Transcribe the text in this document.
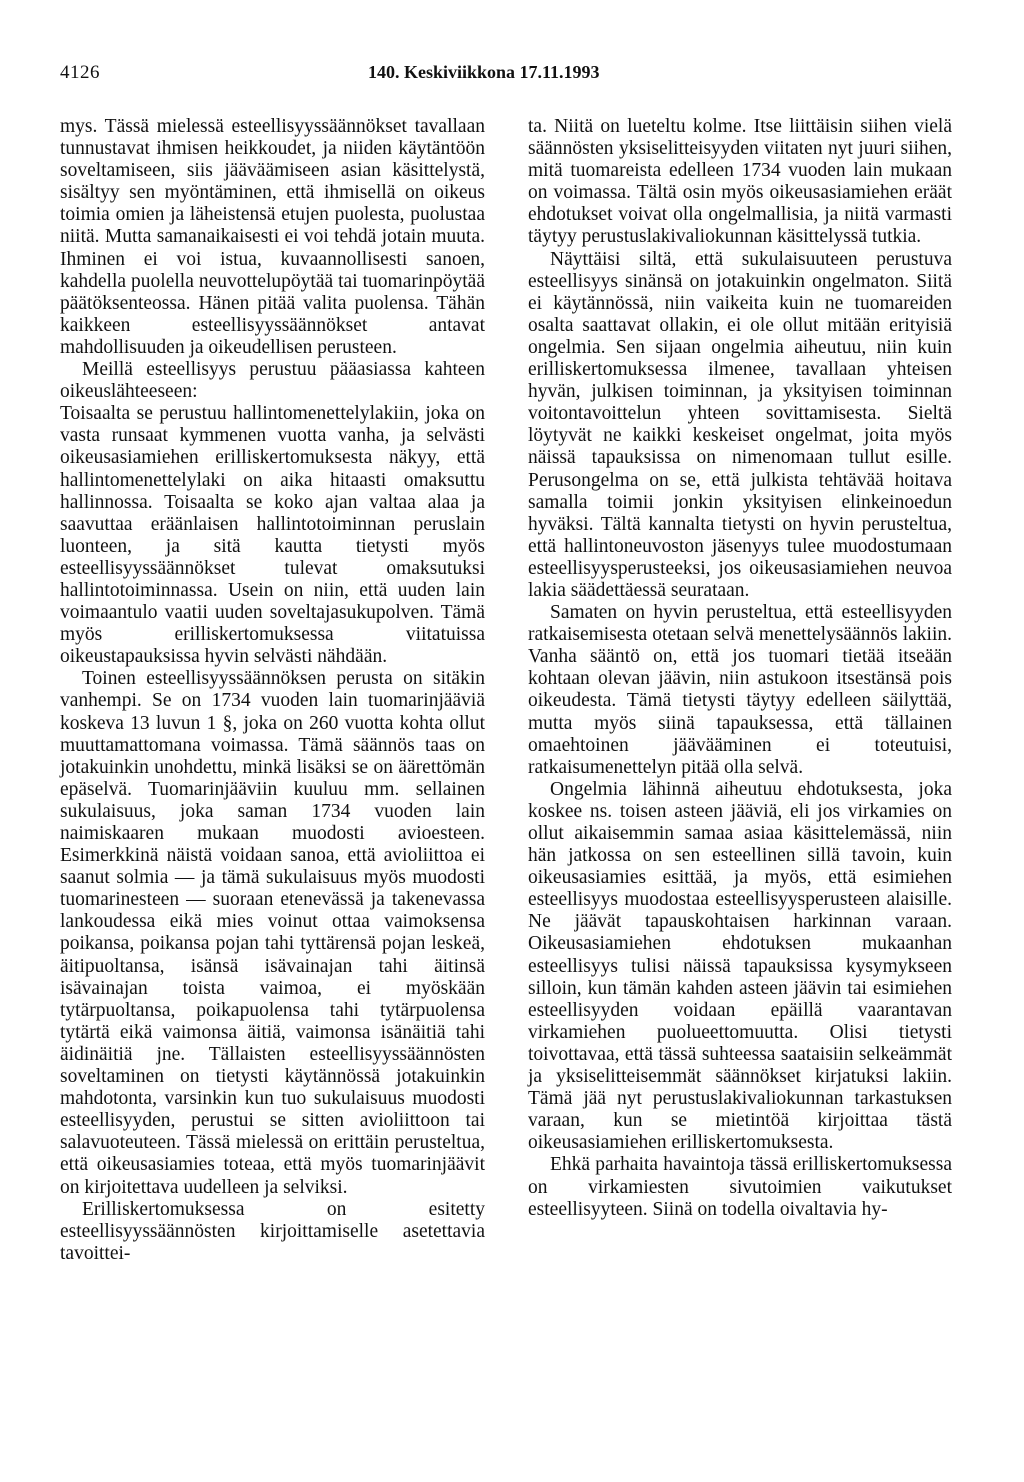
4126	140. Keskiviikkona 17.11.1993

mys. Tässä mielessä esteellisyyssäännökset tavallaan tunnustavat ihmisen heikkoudet, ja niiden käytäntöön soveltamiseen, siis jääväämiseen asian käsittelystä, sisältyy sen myöntäminen, että ihmisellä on oikeus toimia omien ja läheistensä etujen puolesta, puolustaa niitä. Mutta samanaikaisesti ei voi tehdä jotain muuta. Ihminen ei voi istua, kuvaannollisesti sanoen, kahdella puolella neuvottelupöytää tai tuomarinpöytää päätöksenteossa. Hänen pitää valita puolensa. Tähän kaikkeen esteellisyyssäännökset antavat mahdollisuuden ja oikeudellisen perusteen.

Meillä esteellisyys perustuu pääasiassa kahteen oikeuslähteeseen:

Toisaalta se perustuu hallintomenettelylakiin, joka on vasta runsaat kymmenen vuotta vanha, ja selvästi oikeusasiamiehen erilliskertomuksesta näkyy, että hallintomenettelylaki on aika hitaasti omaksuttu hallinnossa. Toisaalta se koko ajan valtaa alaa ja saavuttaa eräänlaisen hallintotoiminnan peruslain luonteen, ja sitä kautta tietysti myös esteellisyyssäännökset tulevat omaksutuksi hallintotoiminnassa. Usein on niin, että uuden lain voimaantulo vaatii uuden soveltajasukupolven. Tämä myös erilliskertomuksessa viitatuissa oikeustapauksissa hyvin selvästi nähdään.

Toinen esteellisyyssäännöksen perusta on sitäkin vanhempi. Se on 1734 vuoden lain tuomarinjääviä koskeva 13 luvun 1 §, joka on 260 vuotta kohta ollut muuttamattomana voimassa. Tämä säännös taas on jotakuinkin unohdettu, minkä lisäksi se on äärettömän epäselvä. Tuomarinjääviin kuuluu mm. sellainen sukulaisuus, joka saman 1734 vuoden lain naimiskaaren mukaan muodosti avioesteen. Esimerkkinä näistä voidaan sanoa, että avioliittoa ei saanut solmia — ja tämä sukulaisuus myös muodosti tuomarinesteen — suoraan etenevässä ja takenevassa lankoudessa eikä mies voinut ottaa vaimoksensa poikansa, poikansa pojan tahi tyttärensä pojan leskeä, äitipuoltansa, isänsä isävainajan tahi äitinsä isävainajan toista vaimoa, ei myöskään tytärpuoltansa, poikapuolensa tahi tytärpuolensa tytärtä eikä vaimonsa äitiä, vaimonsa isänäitiä tahi äidinäitiä jne. Tällaisten esteellisyyssäännösten soveltaminen on tietysti käytännössä jotakuinkin mahdotonta, varsinkin kun tuo sukulaisuus muodosti esteellisyyden, perustui se sitten avioliittoon tai salavuoteuteen. Tässä mielessä on erittäin perusteltua, että oikeusasiamies toteaa, että myös tuomarinjäävit on kirjoitettava uudelleen ja selviksi.

Erilliskertomuksessa on esitetty esteellisyyssäännösten kirjoittamiselle asetettavia tavoittei-

ta. Niitä on lueteltu kolme. Itse liittäisin siihen vielä säännösten yksiselitteisyyden viitaten nyt juuri siihen, mitä tuomareista edelleen 1734 vuoden lain mukaan on voimassa. Tältä osin myös oikeusasiamiehen eräät ehdotukset voivat olla ongelmallisia, ja niitä varmasti täytyy perustuslakivaliokunnan käsittelyssä tutkia.

Näyttäisi siltä, että sukulaisuuteen perustuva esteellisyys sinänsä on jotakuinkin ongelmaton. Siitä ei käytännössä, niin vaikeita kuin ne tuomareiden osalta saattavat ollakin, ei ole ollut mitään erityisiä ongelmia. Sen sijaan ongelmia aiheutuu, niin kuin erilliskertomuksessa ilmenee, tavallaan yhteisen hyvän, julkisen toiminnan, ja yksityisen toiminnan voitontavoittelun yhteen sovittamisesta. Sieltä löytyvät ne kaikki keskeiset ongelmat, joita myös näissä tapauksissa on nimenomaan tullut esille. Perusongelma on se, että julkista tehtävää hoitava samalla toimii jonkin yksityisen elinkeinoedun hyväksi. Tältä kannalta tietysti on hyvin perusteltua, että hallintoneuvoston jäsenyys tulee muodostumaan esteellisyysperusteeksi, jos oikeusasiamiehen neuvoa lakia säädettäessä seurataan.

Samaten on hyvin perusteltua, että esteellisyyden ratkaisemisesta otetaan selvä menettelysäännös lakiin. Vanha sääntö on, että jos tuomari tietää itseään kohtaan olevan jäävin, niin astukoon itsestänsä pois oikeudesta. Tämä tietysti täytyy edelleen säilyttää, mutta myös siinä tapauksessa, että tällainen omaehtoinen jäävääminen ei toteutuisi, ratkaisumenettelyn pitää olla selvä.

Ongelmia lähinnä aiheutuu ehdotuksesta, joka koskee ns. toisen asteen jääviä, eli jos virkamies on ollut aikaisemmin samaa asiaa käsittelemässä, niin hän jatkossa on sen esteellinen sillä tavoin, kuin oikeusasiamies esittää, ja myös, että esimiehen esteellisyys muodostaa esteellisyysperusteen alaisille. Ne jäävät tapauskohtaisen harkinnan varaan. Oikeusasiamiehen ehdotuksen mukaanhan esteellisyys tulisi näissä tapauksissa kysymykseen silloin, kun tämän kahden asteen jäävin tai esimiehen esteellisyyden voidaan epäillä vaarantavan virkamiehen puolueettomuutta. Olisi tietysti toivottavaa, että tässä suhteessa saataisiin selkeämmät ja yksiselitteisemmät säännökset kirjatuksi lakiin. Tämä jää nyt perustuslakivaliokunnan tarkastuksen varaan, kun se mietintöä kirjoittaa tästä oikeusasiamiehen erilliskertomuksesta.

Ehkä parhaita havaintoja tässä erilliskertomuksessa on virkamiesten sivutoimien vaikutukset esteellisyyteen. Siinä on todella oivaltavia hy-
